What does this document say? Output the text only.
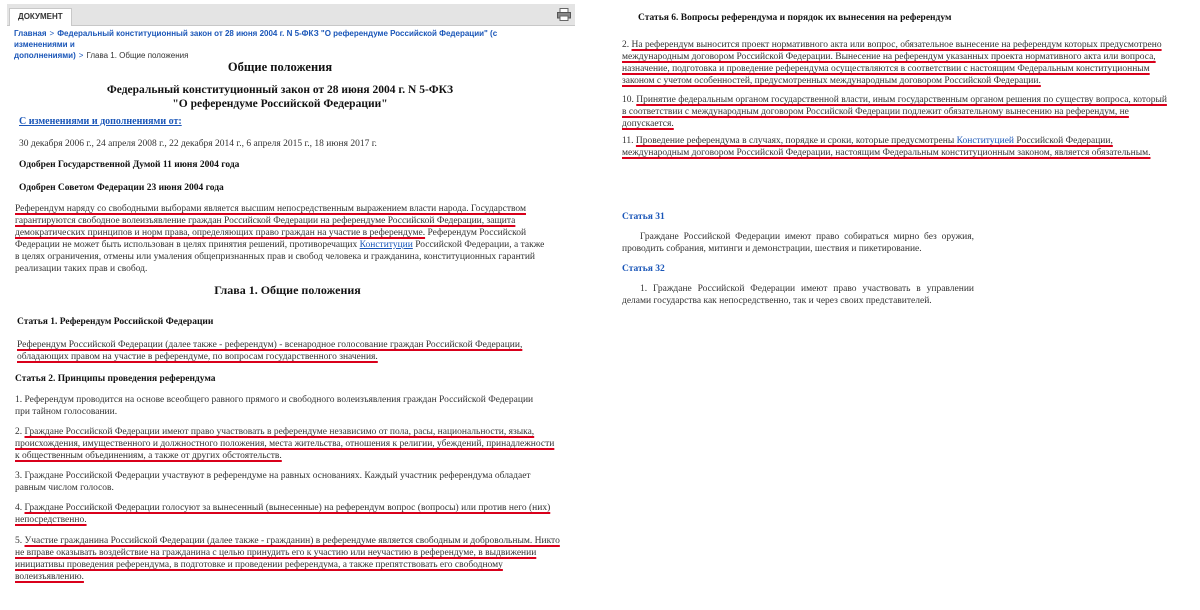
ДОКУМЕНТ
Главная > Федеральный конституционный закон от 28 июня 2004 г. N 5-ФКЗ "О референдуме Российской Федерации" (с изменениями и
дополнениями) > Глава 1. Общие положения
Общие положения
Федеральный конституционный закон от 28 июня 2004 г. N 5-ФКЗ
"О референдуме Российской Федерации"
С изменениями и дополнениями от:
30 декабря 2006 г., 24 апреля 2008 г., 22 декабря 2014 г., 6 апреля 2015 г., 18 июня 2017 г.
Одобрен Государственной Думой 11 июня 2004 года
Одобрен Советом Федерации 23 июня 2004 года
Референдум наряду со свободными выборами является высшим непосредственным выражением власти народа. Государством гарантируются свободное волеизъявление граждан Российской Федерации на референдуме Российской Федерации, защита демократических принципов и норм права, определяющих право граждан на участие в референдуме. Референдум Российской Федерации не может быть использован в целях принятия решений, противоречащих Конституции Российской Федерации, а также в целях ограничения, отмены или умаления общепризнанных прав и свобод человека и гражданина, конституционных гарантий реализации таких прав и свобод.
Глава 1. Общие положения
Статья 1. Референдум Российской Федерации
Референдум Российской Федерации (далее также - референдум) - всенародное голосование граждан Российской Федерации, обладающих правом на участие в референдуме, по вопросам государственного значения.
Статья 2. Принципы проведения референдума
1. Референдум проводится на основе всеобщего равного прямого и свободного волеизъявления граждан Российской Федерации при тайном голосовании.
2. Граждане Российской Федерации имеют право участвовать в референдуме независимо от пола, расы, национальности, языка, происхождения, имущественного и должностного положения, места жительства, отношения к религии, убеждений, принадлежности к общественным объединениям, а также от других обстоятельств.
3. Граждане Российской Федерации участвуют в референдуме на равных основаниях. Каждый участник референдума обладает равным числом голосов.
4. Граждане Российской Федерации голосуют за вынесенный (вынесенные) на референдум вопрос (вопросы) или против него (них) непосредственно.
5. Участие гражданина Российской Федерации (далее также - гражданин) в референдуме является свободным и добровольным. Никто не вправе оказывать воздействие на гражданина с целью принудить его к участию или неучастию в референдуме, в выдвижении инициативы проведения референдума, в подготовке и проведении референдума, а также препятствовать его свободному волеизъявлению.
Статья 6. Вопросы референдума и порядок их вынесения на референдум
2. На референдум выносится проект нормативного акта или вопрос, обязательное вынесение на референдум которых предусмотрено международным договором Российской Федерации. Вынесение на референдум указанных проекта нормативного акта или вопроса, назначение, подготовка и проведение референдума осуществляются в соответствии с настоящим Федеральным конституционным законом с учетом особенностей, предусмотренных международным договором Российской Федерации.
10. Принятие федеральным органом государственной власти, иным государственным органом решения по существу вопроса, который в соответствии с международным договором Российской Федерации подлежит обязательному вынесению на референдум, не допускается.
11. Проведение референдума в случаях, порядке и сроки, которые предусмотрены Конституцией Российской Федерации, международным договором Российской Федерации, настоящим Федеральным конституционным законом, является обязательным.
Статья 31
Граждане Российской Федерации имеют право собираться мирно без оружия, проводить собрания, митинги и демонстрации, шествия и пикетирование.
Статья 32
1. Граждане Российской Федерации имеют право участвовать в управлении делами государства как непосредственно, так и через своих представителей.
